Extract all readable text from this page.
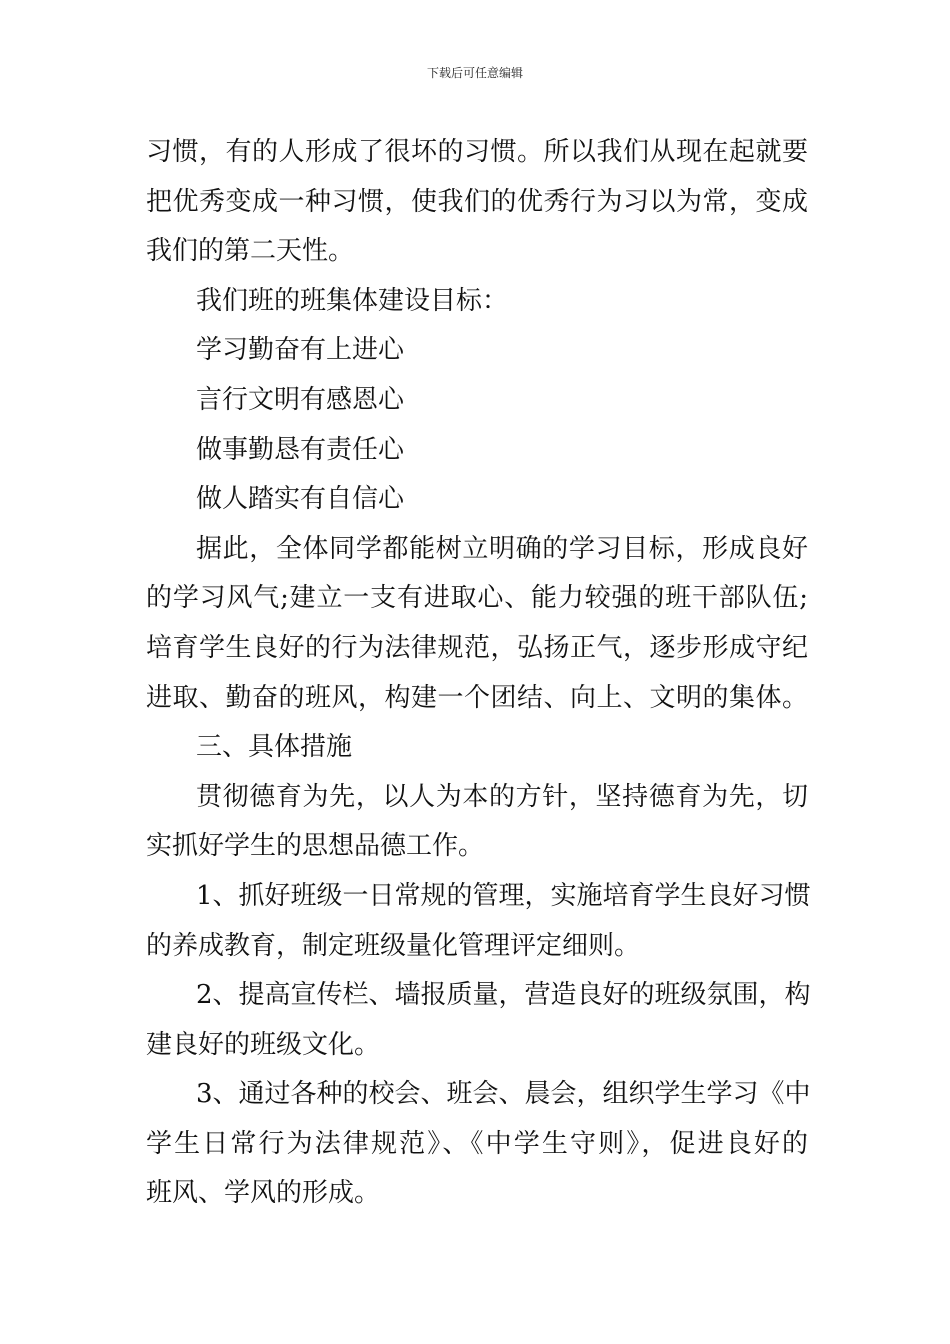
下载后可任意编辑
习惯，有的人形成了很坏的习惯。所以我们从现在起就要
把优秀变成一种习惯，使我们的优秀行为习以为常，变成
我们的第二天性。
我们班的班集体建设目标：
学习勤奋有上进心
言行文明有感恩心
做事勤恳有责任心
做人踏实有自信心
据此，全体同学都能树立明确的学习目标，形成良好
的学习风气;建立一支有进取心、能力较强的班干部队伍;
培育学生良好的行为法律规范，弘扬正气，逐步形成守纪
进取、勤奋的班风，构建一个团结、向上、文明的集体。
三、具体措施
贯彻德育为先，以人为本的方针，坚持德育为先，切
实抓好学生的思想品德工作。
1、抓好班级一日常规的管理，实施培育学生良好习惯
的养成教育，制定班级量化管理评定细则。
2、提高宣传栏、墙报质量，营造良好的班级氛围，构
建良好的班级文化。
3、通过各种的校会、班会、晨会，组织学生学习《中
学生日常行为法律规范》、《中学生守则》，促进良好的
班风、学风的形成。
